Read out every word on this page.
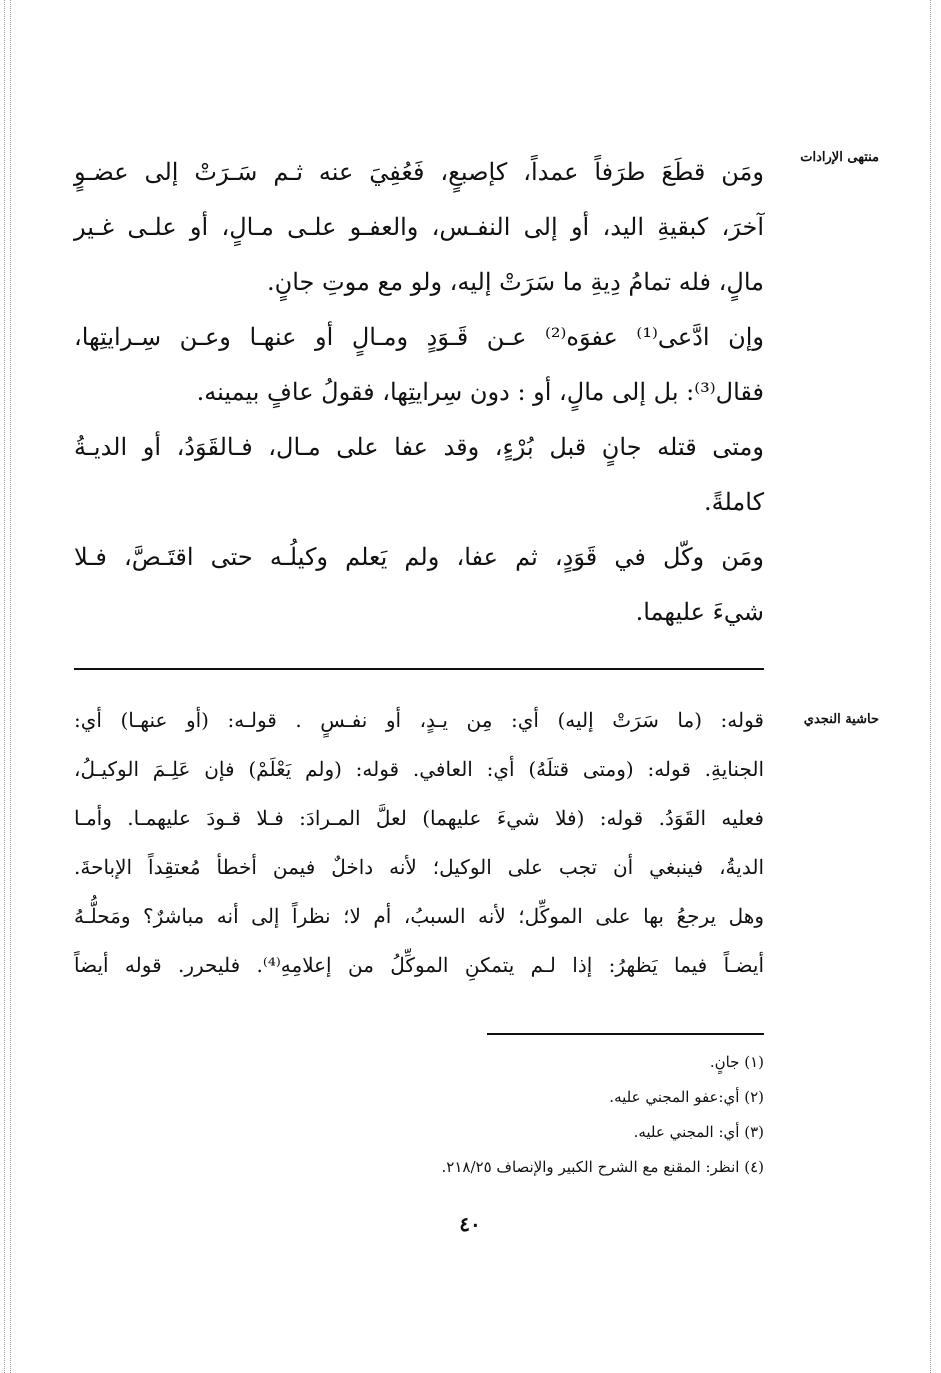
منتهى الإرادات
حاشية النجدي
ومَن قطَعَ طرَفاً عمداً، كإصبعٍ، فَعُفِيَ عنه ثـم سَـرَتْ إلى عضـوٍ
آخرَ، كبقيةِ اليد، أو إلى النفـس، والعفـو علـى مـالٍ، أو علـى غـير
مالٍ، فله تمامُ دِيةِ ما سَرَتْ إليه، ولو مع موتِ جانٍ.
وإن ادَّعى⁽¹⁾ عفوَه⁽²⁾ عـن قَـوَدٍ ومـالٍ أو عنهـا وعـن سِـرايتِها،
فقال⁽³⁾: بل إلى مالٍ، أو : دون سِرايتِها، فقولُ عافٍ بيمينه.
ومتى قتله جانٍ قبل بُرْءٍ، وقد عفا على مـال، فـالقَوَدُ، أو الديـةُ
كاملةً.
ومَن وكّل في قَوَدٍ، ثم عفا، ولم يَعلم وكيلُـه حتى اقتَـصَّ، فـلا
شيءَ عليهما.
قوله: (ما سَرَتْ إليه) أي: مِن يـدٍ، أو نفـسٍ . قولـه: (أو عنهـا) أي:
الجنايةِ. قوله: (ومتى قتلَهُ) أي: العافي. قوله: (ولم يَعْلَمْ) فإن عَلِـمَ الوكيـلُ،
فعليه القَوَدُ. قوله: (فلا شيءَ عليهما) لعلَّ المـرادَ: فـلا قـودَ عليهمـا. وأمـا
الديةُ، فينبغي أن تجب على الوكيل؛ لأنه داخلٌ فيمن أخطأ مُعتقِداً الإباحةَ.
وهل يرجعُ بها على الموكِّل؛ لأنه السببُ، أم لا؛ نظراً إلى أنه مباشرٌ؟ ومَحلُّـهُ
أيضـاً فيما يَظهرُ: إذا لـم يتمكنِ الموكِّلُ من إعلامِهِ⁽⁴⁾. فليحرر. قوله أيضاً
(١) جانٍ.
(٢) أي:عفو المجني عليه.
(٣) أي: المجني عليه.
(٤) انظر: المقنع مع الشرح الكبير والإنصاف ٢١٨/٢٥.
٤٠
